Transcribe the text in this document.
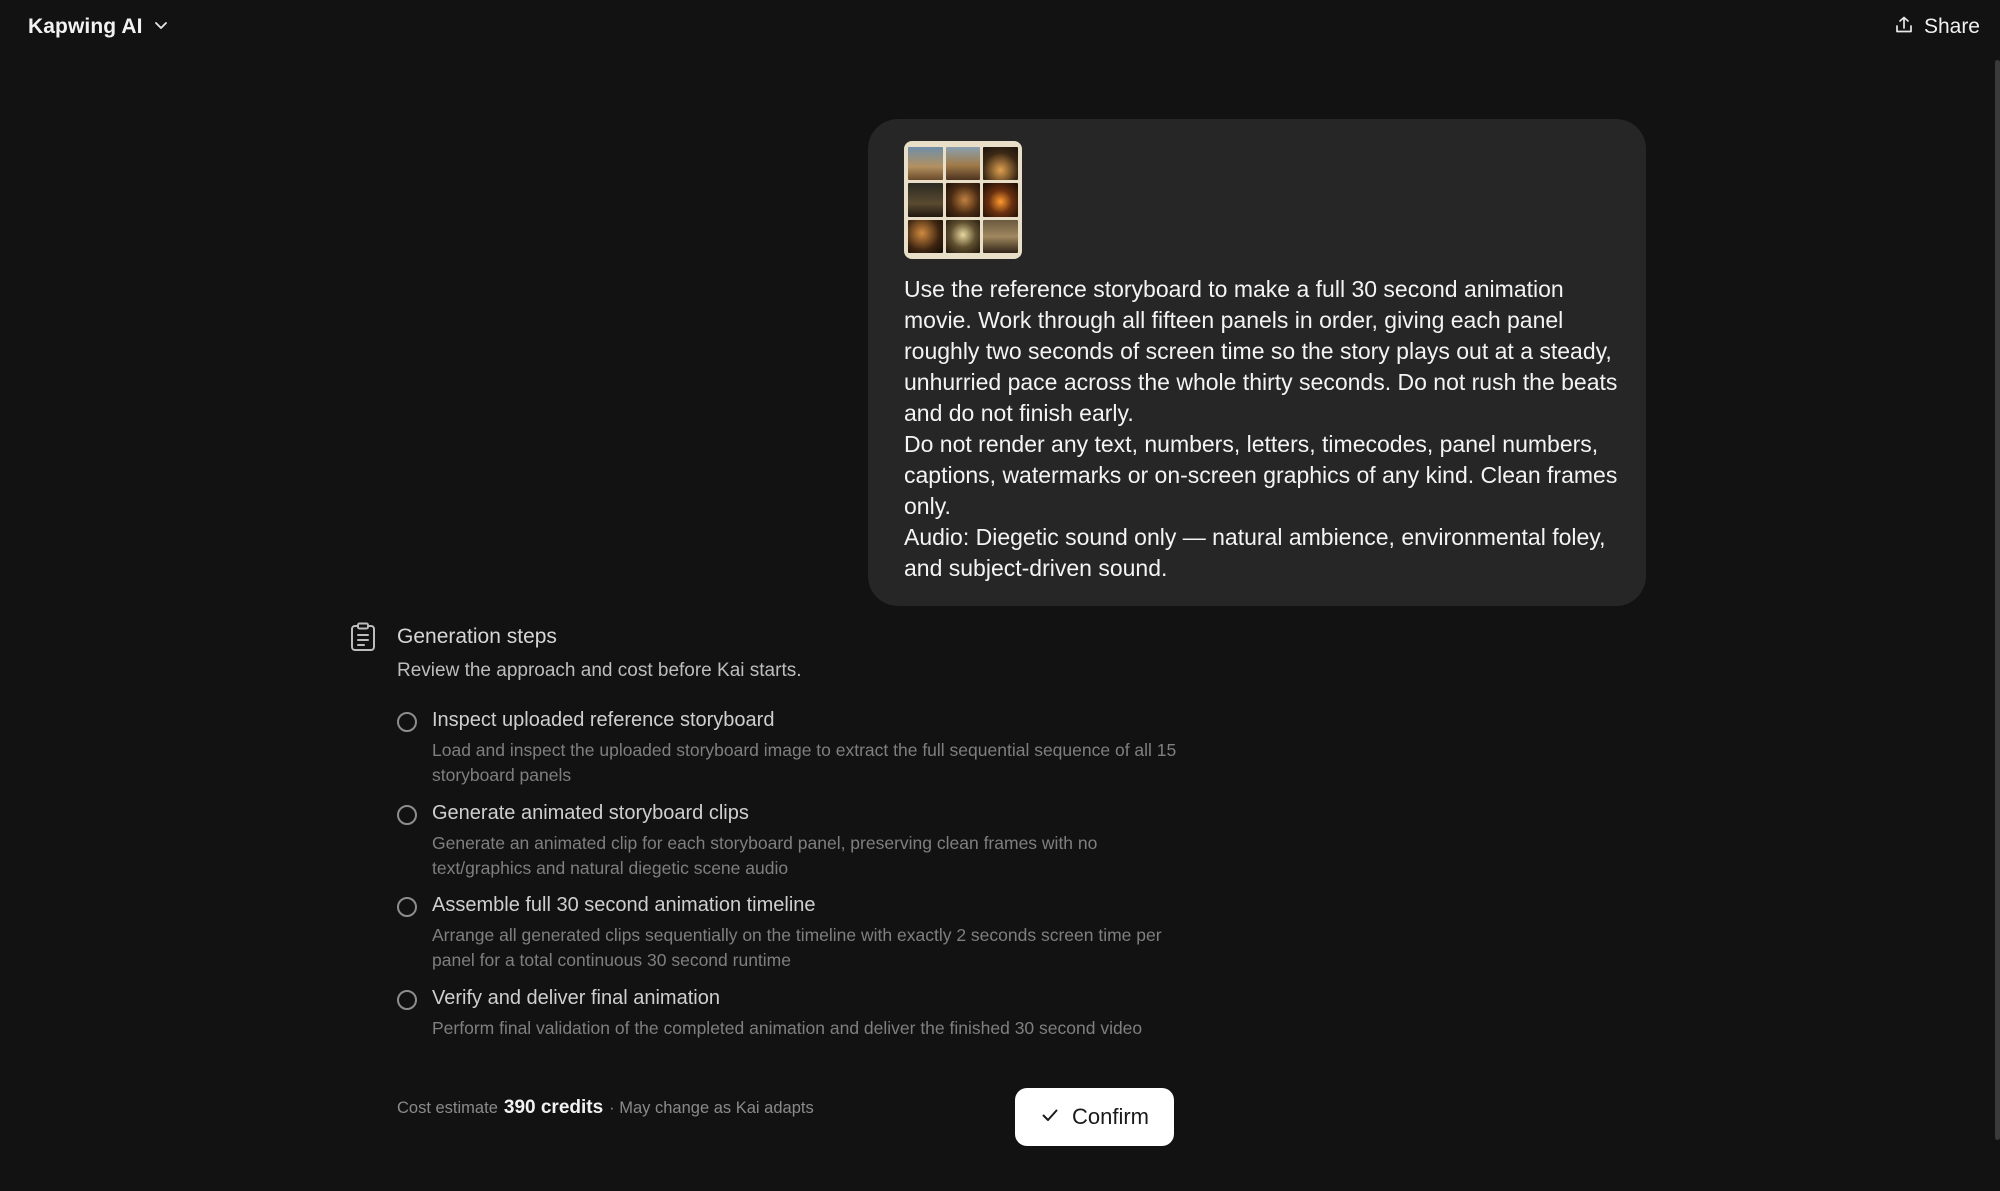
Kapwing AI	Share

Use the reference storyboard to make a full 30 second animation movie. Work through all fifteen panels in order, giving each panel roughly two seconds of screen time so the story plays out at a steady, unhurried pace across the whole thirty seconds. Do not rush the beats and do not finish early.

Do not render any text, numbers, letters, timecodes, panel numbers, captions, watermarks or on-screen graphics of any kind. Clean frames only.

Audio: Diegetic sound only — natural ambience, environmental foley, and subject-driven sound.

Generation steps
Review the approach and cost before Kai starts.
Inspect uploaded reference storyboard
Load and inspect the uploaded storyboard image to extract the full sequential sequence of all 15 storyboard panels
Generate animated storyboard clips
Generate an animated clip for each storyboard panel, preserving clean frames with no text/graphics and natural diegetic scene audio
Assemble full 30 second animation timeline
Arrange all generated clips sequentially on the timeline with exactly 2 seconds screen time per panel for a total continuous 30 second runtime
Verify and deliver final animation
Perform final validation of the completed animation and deliver the finished 30 second video
Cost estimate 390 credits · May change as Kai adapts	Confirm
